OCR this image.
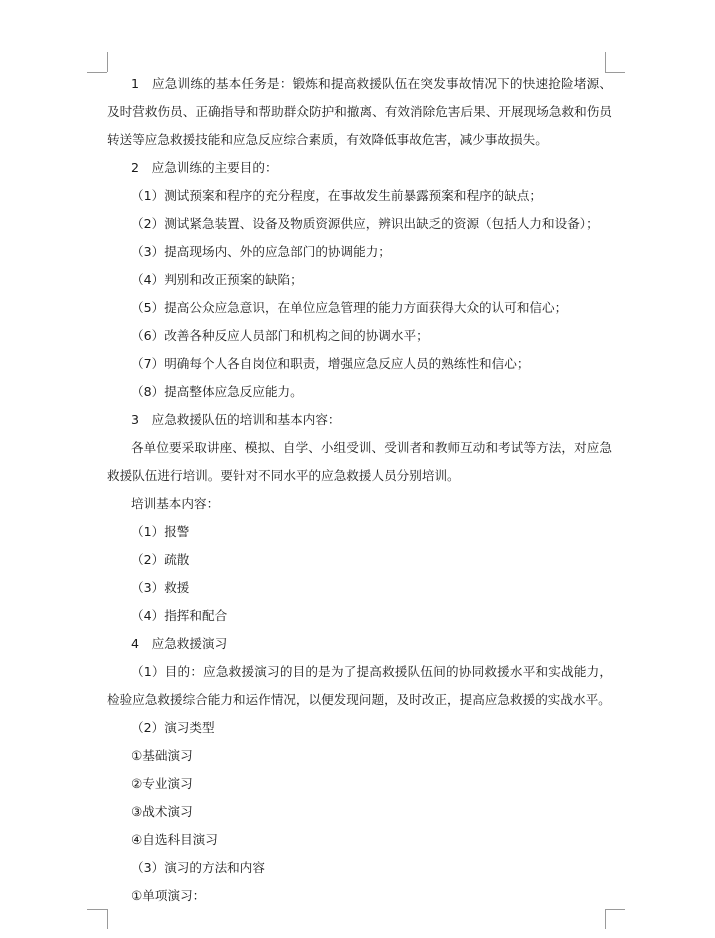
1　应急训练的基本任务是：锻炼和提高救援队伍在突发事故情况下的快速抢险堵源、
及时营救伤员、正确指导和帮助群众防护和撤离、有效消除危害后果、开展现场急救和伤员
转送等应急救援技能和应急反应综合素质，有效降低事故危害，减少事故损失。
2　应急训练的主要目的：
（1）测试预案和程序的充分程度，在事故发生前暴露预案和程序的缺点；
（2）测试紧急装置、设备及物质资源供应，辨识出缺乏的资源（包括人力和设备）；
（3）提高现场内、外的应急部门的协调能力；
（4）判别和改正预案的缺陷；
（5）提高公众应急意识，在单位应急管理的能力方面获得大众的认可和信心；
（6）改善各种反应人员部门和机构之间的协调水平；
（7）明确每个人各自岗位和职责，增强应急反应人员的熟练性和信心；
（8）提高整体应急反应能力。
3　应急救援队伍的培训和基本内容：
各单位要采取讲座、模拟、自学、小组受训、受训者和教师互动和考试等方法，对应急
救援队伍进行培训。要针对不同水平的应急救援人员分别培训。
培训基本内容：
（1）报警
（2）疏散
（3）救援
（4）指挥和配合
4　应急救援演习
（1）目的：应急救援演习的目的是为了提高救援队伍间的协同救援水平和实战能力，
检验应急救援综合能力和运作情况，以便发现问题，及时改正，提高应急救援的实战水平。
（2）演习类型
①基础演习
②专业演习
③战术演习
④自选科目演习
（3）演习的方法和内容
①单项演习：
